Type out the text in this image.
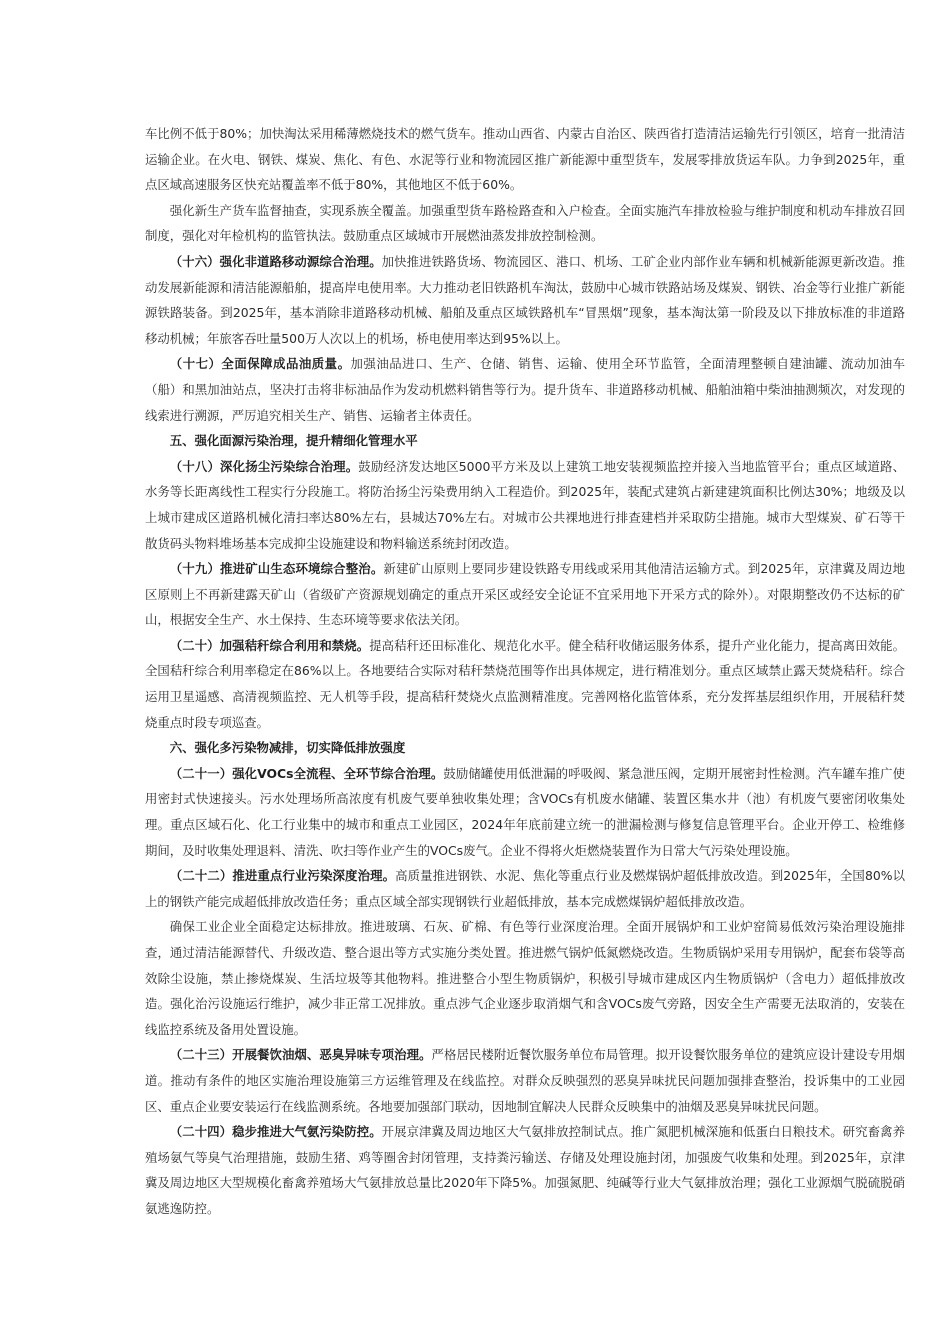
车比例不低于80%；加快淘汰采用稀薄燃烧技术的燃气货车。推动山西省、内蒙古自治区、陕西省打造清洁运输先行引领区，培育一批清洁运输企业。在火电、钢铁、煤炭、焦化、有色、水泥等行业和物流园区推广新能源中重型货车，发展零排放货运车队。力争到2025年，重点区域高速服务区快充站覆盖率不低于80%，其他地区不低于60%。

强化新生产货车监督抽查，实现系族全覆盖。加强重型货车路检路查和入户检查。全面实施汽车排放检验与维护制度和机动车排放召回制度，强化对年检机构的监管执法。鼓励重点区域城市开展燃油蒸发排放控制检测。

（十六）强化非道路移动源综合治理。加快推进铁路货场、物流园区、港口、机场、工矿企业内部作业车辆和机械新能源更新改造。推动发展新能源和清洁能源船舶，提高岸电使用率。大力推动老旧铁路机车淘汰，鼓励中心城市铁路站场及煤炭、钢铁、冶金等行业推广新能源铁路装备。到2025年，基本消除非道路移动机械、船舶及重点区域铁路机车“冒黑烟”现象，基本淘汰第一阶段及以下排放标准的非道路移动机械；年旅客吞吐量500万人次以上的机场，桥电使用率达到95%以上。

（十七）全面保障成品油质量。加强油品进口、生产、仓储、销售、运输、使用全环节监管，全面清理整顿自建油罐、流动加油车（船）和黑加油站点，坚决打击将非标油品作为发动机燃料销售等行为。提升货车、非道路移动机械、船舶油箱中柴油抽测频次，对发现的线索进行溯源，严厉追究相关生产、销售、运输者主体责任。

五、强化面源污染治理，提升精细化管理水平

（十八）深化扬尘污染综合治理。鼓励经济发达地区5000平方米及以上建筑工地安装视频监控并接入当地监管平台；重点区域道路、水务等长距离线性工程实行分段施工。将防治扬尘污染费用纳入工程造价。到2025年，装配式建筑占新建建筑面积比例达30%；地级及以上城市建成区道路机械化清扫率达80%左右，县城达70%左右。对城市公共裸地进行排查建档并采取防尘措施。城市大型煤炭、矿石等干散货码头物料堆场基本完成抑尘设施建设和物料输送系统封闭改造。

（十九）推进矿山生态环境综合整治。新建矿山原则上要同步建设铁路专用线或采用其他清洁运输方式。到2025年，京津冀及周边地区原则上不再新建露天矿山（省级矿产资源规划确定的重点开采区或经安全论证不宜采用地下开采方式的除外）。对限期整改仍不达标的矿山，根据安全生产、水土保持、生态环境等要求依法关闭。

（二十）加强秸秆综合利用和禁烧。提高秸秆还田标准化、规范化水平。健全秸秆收储运服务体系，提升产业化能力，提高离田效能。全国秸秆综合利用率稳定在86%以上。各地要结合实际对秸秆禁烧范围等作出具体规定，进行精准划分。重点区域禁止露天焚烧秸秆。综合运用卫星遥感、高清视频监控、无人机等手段，提高秸秆焚烧火点监测精准度。完善网格化监管体系，充分发挥基层组织作用，开展秸秆焚烧重点时段专项巡查。

六、强化多污染物减排，切实降低排放强度

（二十一）强化VOCs全流程、全环节综合治理。鼓励储罐使用低泄漏的呼吸阀、紧急泄压阀，定期开展密封性检测。汽车罐车推广使用密封式快速接头。污水处理场所高浓度有机废气要单独收集处理；含VOCs有机废水储罐、装置区集水井（池）有机废气要密闭收集处理。重点区域石化、化工行业集中的城市和重点工业园区，2024年年底前建立统一的泄漏检测与修复信息管理平台。企业开停工、检维修期间，及时收集处理退料、清洗、吹扫等作业产生的VOCs废气。企业不得将火炬燃烧装置作为日常大气污染处理设施。

（二十二）推进重点行业污染深度治理。高质量推进钢铁、水泥、焦化等重点行业及燃煤锅炉超低排放改造。到2025年，全国80%以上的钢铁产能完成超低排放改造任务；重点区域全部实现钢铁行业超低排放，基本完成燃煤锅炉超低排放改造。

确保工业企业全面稳定达标排放。推进玻璃、石灰、矿棉、有色等行业深度治理。全面开展锅炉和工业炉窑简易低效污染治理设施排查，通过清洁能源替代、升级改造、整合退出等方式实施分类处置。推进燃气锅炉低氮燃烧改造。生物质锅炉采用专用锅炉，配套布袋等高效除尘设施，禁止掺烧煤炭、生活垃圾等其他物料。推进整合小型生物质锅炉，积极引导城市建成区内生物质锅炉（含电力）超低排放改造。强化治污设施运行维护，减少非正常工况排放。重点涉气企业逐步取消烟气和含VOCs废气旁路，因安全生产需要无法取消的，安装在线监控系统及备用处置设施。

（二十三）开展餐饮油烟、恶臭异味专项治理。严格居民楼附近餐饮服务单位布局管理。拟开设餐饮服务单位的建筑应设计建设专用烟道。推动有条件的地区实施治理设施第三方运维管理及在线监控。对群众反映强烈的恶臭异味扰民问题加强排查整治，投诉集中的工业园区、重点企业要安装运行在线监测系统。各地要加强部门联动，因地制宜解决人民群众反映集中的油烟及恶臭异味扰民问题。

（二十四）稳步推进大气氨污染防控。开展京津冀及周边地区大气氨排放控制试点。推广氮肥机械深施和低蛋白日粮技术。研究畜禽养殖场氨气等臭气治理措施，鼓励生猪、鸡等圈舍封闭管理，支持粪污输送、存储及处理设施封闭，加强废气收集和处理。到2025年，京津冀及周边地区大型规模化畜禽养殖场大气氨排放总量比2020年下降5%。加强氮肥、纯碱等行业大气氨排放治理；强化工业源烟气脱硫脱硝氨逃逸防控。
